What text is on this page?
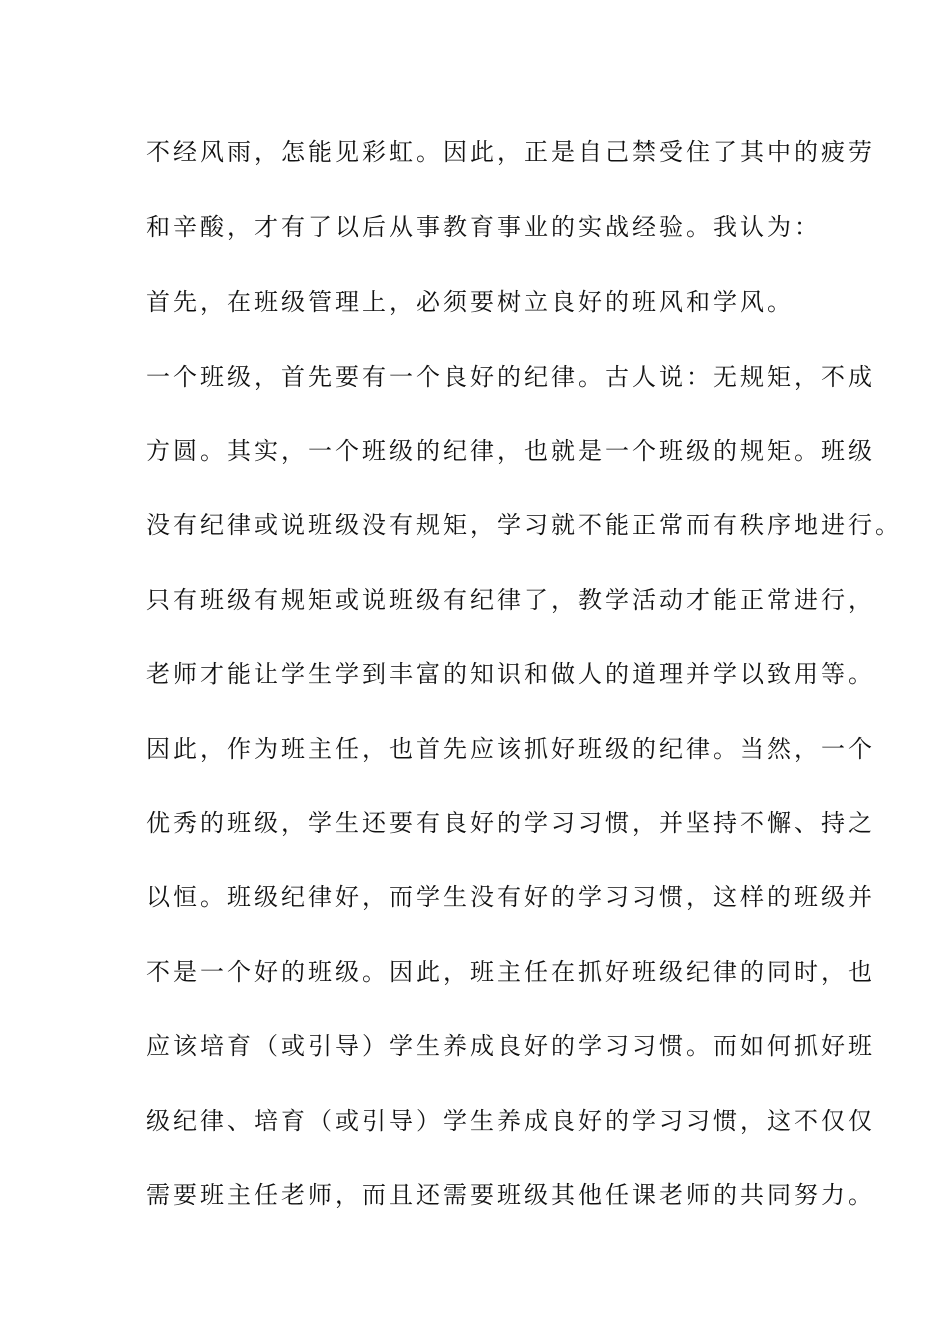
不经风雨，怎能见彩虹。因此，正是自己禁受住了其中的疲劳
和辛酸，才有了以后从事教育事业的实战经验。我认为：
首先，在班级管理上，必须要树立良好的班风和学风。
一个班级，首先要有一个良好的纪律。古人说：无规矩，不成
方圆。其实，一个班级的纪律，也就是一个班级的规矩。班级
没有纪律或说班级没有规矩，学习就不能正常而有秩序地进行。
只有班级有规矩或说班级有纪律了，教学活动才能正常进行，
老师才能让学生学到丰富的知识和做人的道理并学以致用等。
因此，作为班主任，也首先应该抓好班级的纪律。当然，一个
优秀的班级，学生还要有良好的学习习惯，并坚持不懈、持之
以恒。班级纪律好，而学生没有好的学习习惯，这样的班级并
不是一个好的班级。因此，班主任在抓好班级纪律的同时，也
应该培育（或引导）学生养成良好的学习习惯。而如何抓好班
级纪律、培育（或引导）学生养成良好的学习习惯，这不仅仅
需要班主任老师，而且还需要班级其他任课老师的共同努力。
